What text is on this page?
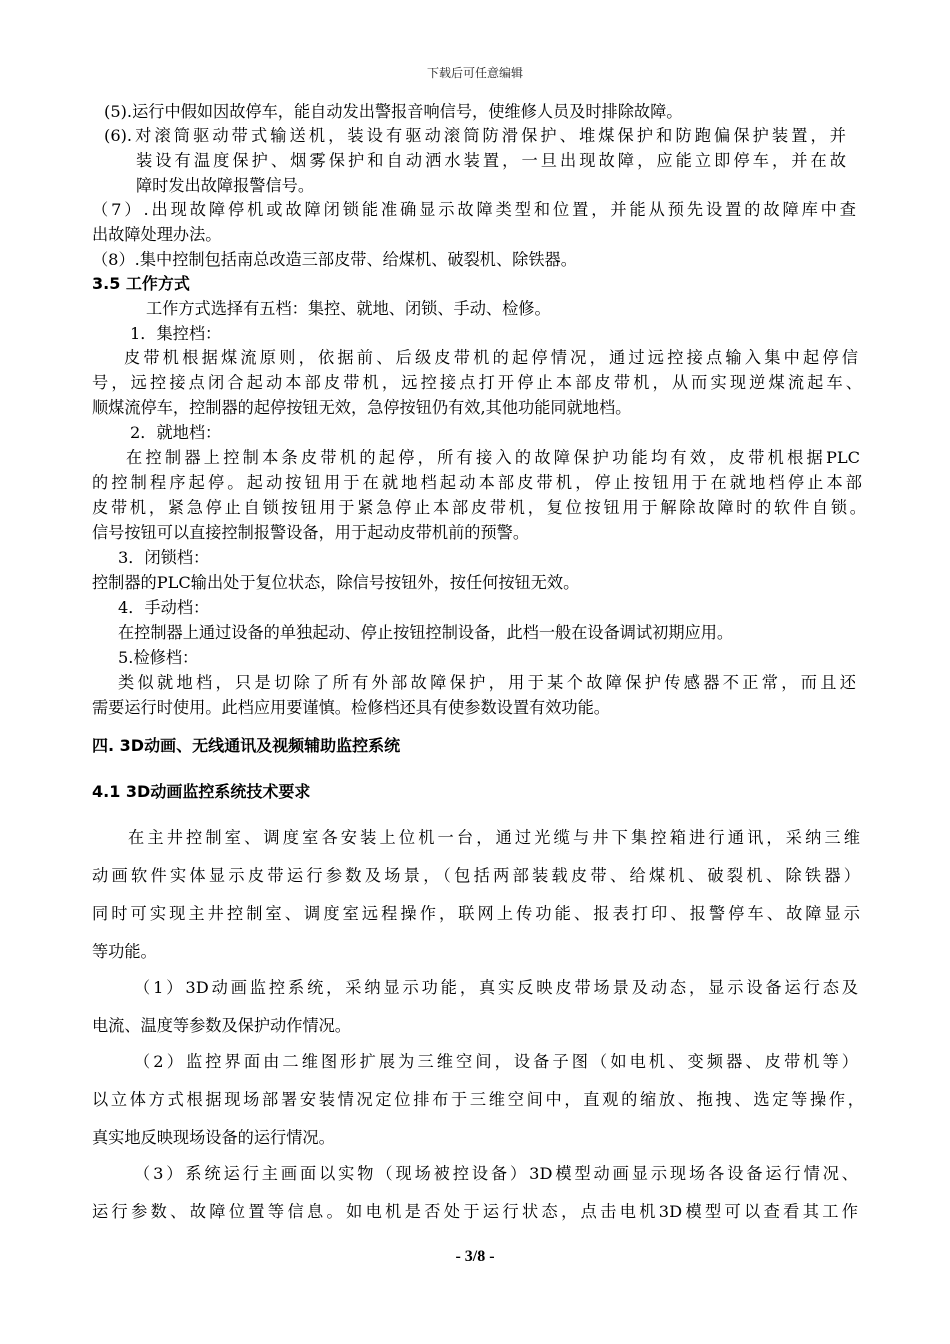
下载后可任意编辑
(5).运行中假如因故停车，能自动发出警报音响信号，使维修人员及时排除故障。
(6).对滚筒驱动带式输送机，装设有驱动滚筒防滑保护、堆煤保护和防跑偏保护装置，并
装设有温度保护、烟雾保护和自动洒水装置，一旦出现故障，应能立即停车，并在故
障时发出故障报警信号。
（7）.出现故障停机或故障闭锁能准确显示故障类型和位置，并能从预先设置的故障库中查
出故障处理办法。
（8）.集中控制包括南总改造三部皮带、给煤机、破裂机、除铁器。
3.5 工作方式
工作方式选择有五档：集控、就地、闭锁、手动、检修。
1．集控档：
皮带机根据煤流原则，依据前、后级皮带机的起停情况，通过远控接点输入集中起停信
号，远控接点闭合起动本部皮带机，远控接点打开停止本部皮带机，从而实现逆煤流起车、
顺煤流停车，控制器的起停按钮无效，急停按钮仍有效,其他功能同就地档。
2．就地档：
在控制器上控制本条皮带机的起停，所有接入的故障保护功能均有效，皮带机根据PLC
的控制程序起停。起动按钮用于在就地档起动本部皮带机，停止按钮用于在就地档停止本部
皮带机，紧急停止自锁按钮用于紧急停止本部皮带机，复位按钮用于解除故障时的软件自锁。
信号按钮可以直接控制报警设备，用于起动皮带机前的预警。
3．闭锁档：
控制器的PLC输出处于复位状态，除信号按钮外，按任何按钮无效。
4．手动档：
在控制器上通过设备的单独起动、停止按钮控制设备，此档一般在设备调试初期应用。
5.检修档：
类似就地档，只是切除了所有外部故障保护，用于某个故障保护传感器不正常，而且还
需要运行时使用。此档应用要谨慎。检修档还具有使参数设置有效功能。
四. 3D动画、无线通讯及视频辅助监控系统
4.1 3D动画监控系统技术要求
在主井控制室、调度室各安装上位机一台，通过光缆与井下集控箱进行通讯，采纳三维
动画软件实体显示皮带运行参数及场景，（包括两部装载皮带、给煤机、破裂机、除铁器）
同时可实现主井控制室、调度室远程操作，联网上传功能、报表打印、报警停车、故障显示
等功能。
（1）3D动画监控系统，采纳显示功能，真实反映皮带场景及动态，显示设备运行态及
电流、温度等参数及保护动作情况。
（2）监控界面由二维图形扩展为三维空间，设备子图（如电机、变频器、皮带机等）
以立体方式根据现场部署安装情况定位排布于三维空间中，直观的缩放、拖拽、选定等操作，
真实地反映现场设备的运行情况。
（3）系统运行主画面以实物（现场被控设备）3D模型动画显示现场各设备运行情况、
运行参数、故障位置等信息。如电机是否处于运行状态，点击电机3D模型可以查看其工作
- 3/8 -
